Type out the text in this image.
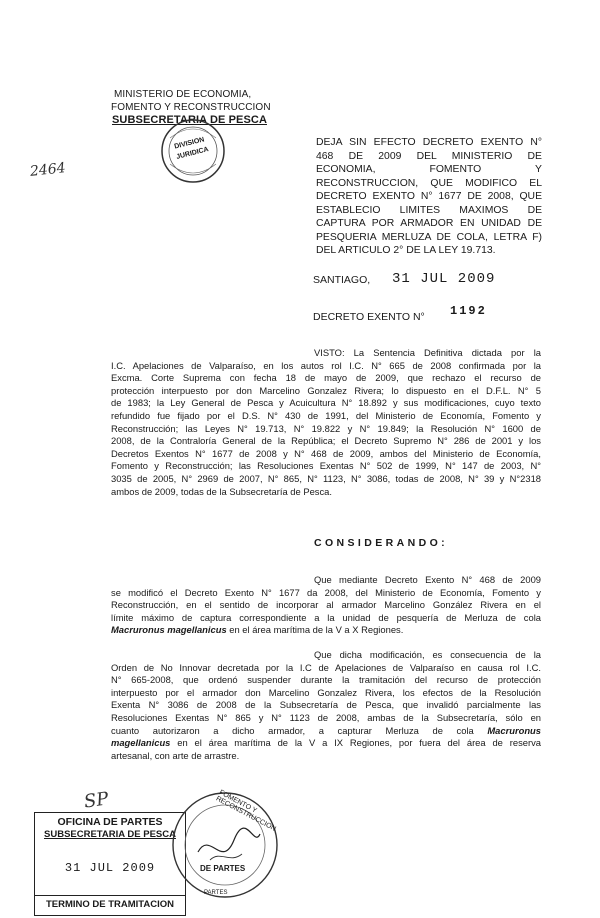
MINISTERIO DE ECONOMIA,
FOMENTO Y RECONSTRUCCION
SUBSECRETARIA DE PESCA
2464
DIVISION
JURIDICA
DEJA SIN EFECTO DECRETO EXENTO N°
468 DE 2009 DEL MINISTERIO DE
ECONOMIA, FOMENTO Y
RECONSTRUCCION, QUE MODIFICO EL
DECRETO EXENTO N° 1677 DE 2008, QUE
ESTABLECIO LIMITES MAXIMOS DE
CAPTURA POR ARMADOR EN UNIDAD DE
PESQUERIA MERLUZA DE COLA, LETRA F)
DEL ARTICULO 2° DE LA LEY 19.713.
SANTIAGO, 31 JUL 2009
DECRETO EXENTO N° 1192
VISTO: La Sentencia Definitiva dictada por la
I.C. Apelaciones de Valparaíso, en los autos rol I.C. N° 665 de 2008 confirmada por la
Excma. Corte Suprema con fecha 18 de mayo de 2009, que rechazo el recurso de
protección interpuesto por don Marcelino Gonzalez Rivera; lo dispuesto en el D.F.L. N° 5
de 1983; la Ley General de Pesca y Acuicultura N° 18.892 y sus modificaciones, cuyo texto
refundido fue fijado por el D.S. N° 430 de 1991, del Ministerio de Economía, Fomento y
Reconstrucción; las Leyes N° 19.713, N° 19.822 y N° 19.849; la Resolución N° 1600 de
2008, de la Contraloría General de la República; el Decreto Supremo N° 286 de 2001 y los
Decretos Exentos N° 1677 de 2008 y N° 468 de 2009, ambos del Ministerio de Economía,
Fomento y Reconstrucción; las Resoluciones Exentas N° 502 de 1999, N° 147 de 2003, N°
3035 de 2005, N° 2969 de 2007, N° 865, N° 1123, N° 3086, todas de 2008, N° 39 y N°2318
ambos de 2009, todas de la Subsecretaría de Pesca.
CONSIDERANDO:
Que mediante Decreto Exento N° 468 de 2009
se modificó el Decreto Exento N° 1677 da 2008, del Ministerio de Economía, Fomento y
Reconstrucción, en el sentido de incorporar al armador Marcelino González Rivera en el
límite máximo de captura correspondiente a la unidad de pesquería de Merluza de cola
Macruronus magellanicus en el área marítima de la V a X Regiones.
Que dicha modificación, es consecuencia de la
Orden de No Innovar decretada por la I.C de Apelaciones de Valparaíso en causa rol I.C.
N° 665-2008, que ordenó suspender durante la tramitación del recurso de protección
interpuesto por el armador don Marcelino Gonzalez Rivera, los efectos de la Resolución
Exenta N° 3086 de 2008 de la Subsecretaría de Pesca, que invalidó parcialmente las
Resoluciones Exentas N° 865 y N° 1123 de 2008, ambas de la Subsecretaría, sólo en
cuanto autorizaron a dicho armador, a capturar Merluza de cola Macruronus
magellanicus en el área marítima de la V a IX Regiones, por fuera del área de reserva
artesanal, con arte de arrastre.
SP
OFICINA DE PARTES
SUBSECRETARIA DE PESCA
31 JUL 2009
TERMINO DE TRAMITACION
FOMENTO Y RECONSTRUCCION
DE PARTES
PARTES
